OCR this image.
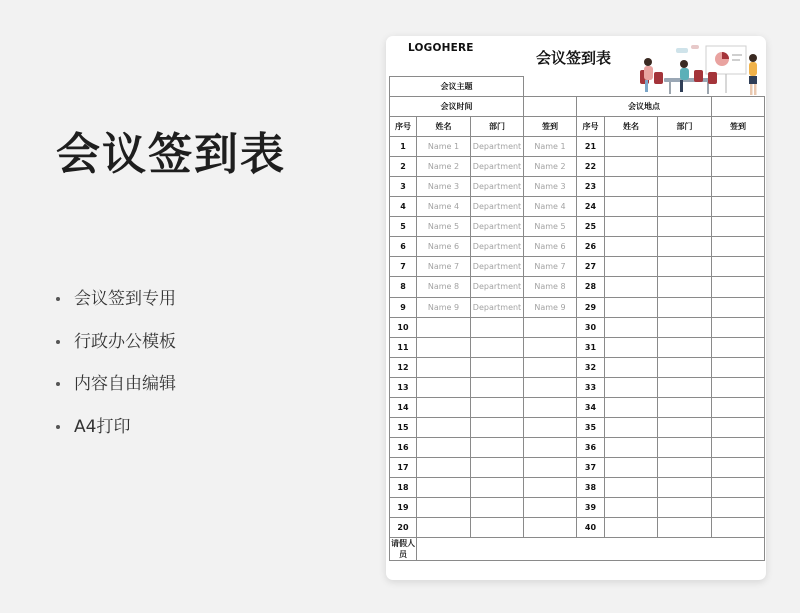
会议签到表
会议签到专用
行政办公模板
内容自由编辑
A4打印
LOGOHERE
会议签到表
会议主题							
会议时间				会议地点			
序号	姓名	部门	签到	序号	姓名	部门	签到
1	Name 1	Department	Name 1	21			
2	Name 2	Department	Name 2	22			
3	Name 3	Department	Name 3	23			
4	Name 4	Department	Name 4	24			
5	Name 5	Department	Name 5	25			
6	Name 6	Department	Name 6	26			
7	Name 7	Department	Name 7	27			
8	Name 8	Department	Name 8	28			
9	Name 9	Department	Name 9	29			
10				30			
11				31			
12				32			
13				33			
14				34			
15				35			
16				36			
17				37			
18				38			
19				39			
20				40			
请假人员							
